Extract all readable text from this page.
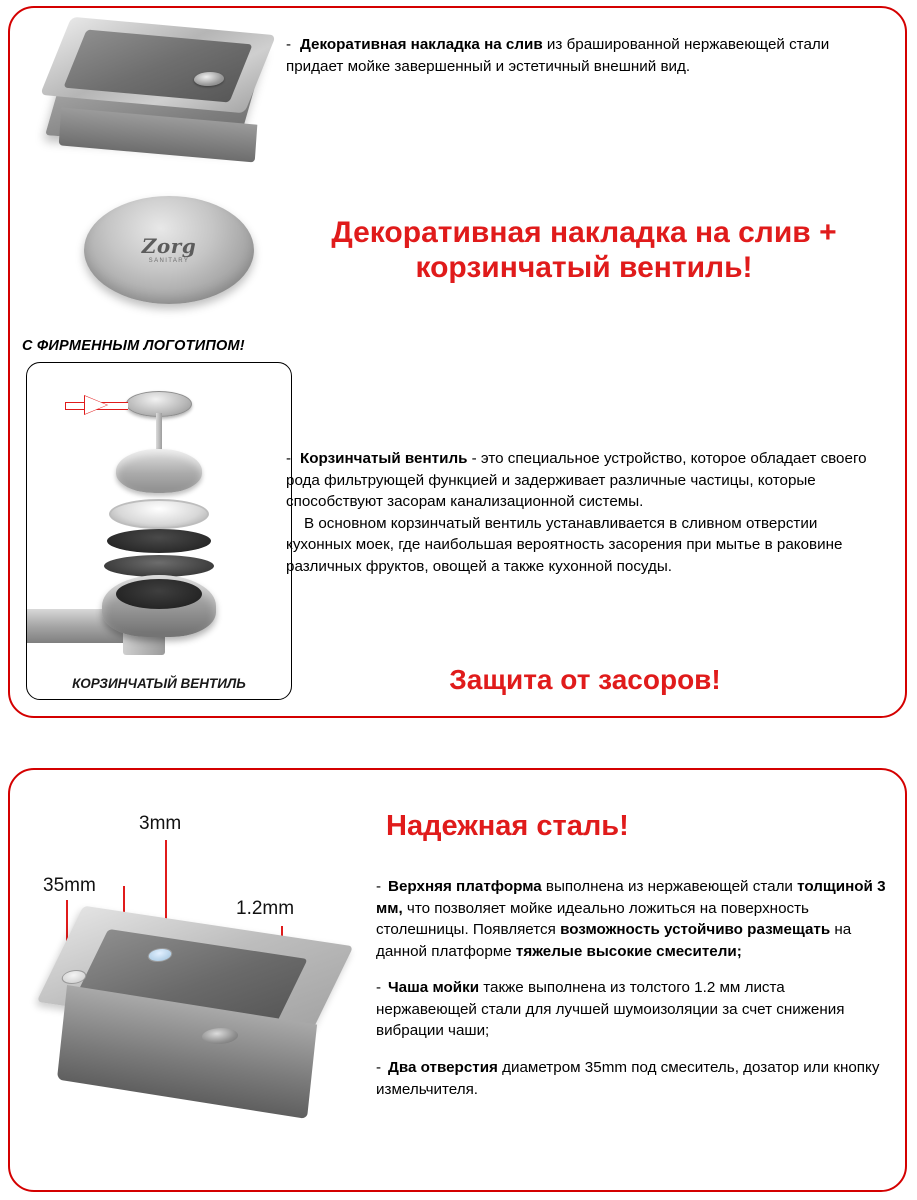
- Декоративная накладка на слив из брашированной нержавеющей стали придает мойке завершенный и эстетичный внешний вид.
Zorg
SANITARY
С ФИРМЕННЫМ ЛОГОТИПОМ!
Декоративная накладка на слив + корзинчатый вентиль!
КОРЗИНЧАТЫЙ ВЕНТИЛЬ
- Корзинчатый вентиль - это специальное устройство, которое обладает своего рода фильтрующей функцией и задерживает различные частицы, которые способствуют засорам канализационной системы.
В основном корзинчатый вентиль устанавливается в сливном отверстии кухонных моек, где наибольшая вероятность засорения при мытье в раковине различных фруктов, овощей а также кухонной посуды.
Защита от засоров!
3mm
35mm
1.2mm
Надежная сталь!

- Верхняя платформа выполнена из нержавеющей стали толщиной 3 мм, что позволяет мойке идеально ложиться на поверхность столешницы. Появляется возможность устойчиво размещать на данной платформе тяжелые высокие смесители;

- Чаша мойки также выполнена из толстого 1.2 мм листа нержавеющей стали для лучшей шумоизоляции за счет снижения вибрации чаши;

- Два отверстия диаметром 35mm под смеситель, дозатор или кнопку измельчителя.
